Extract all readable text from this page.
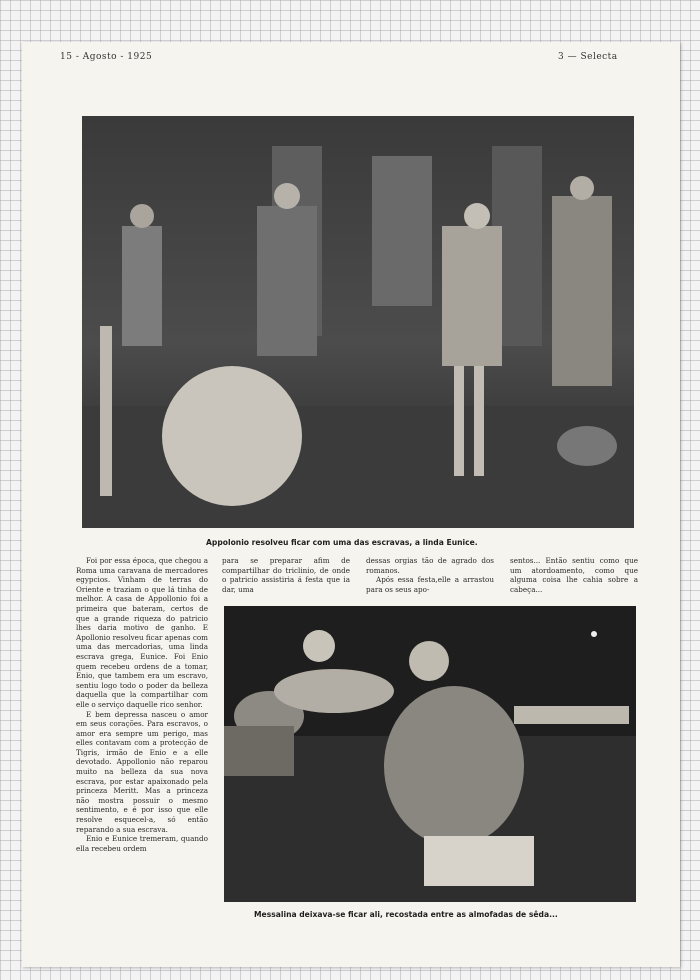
15 - Agosto - 1925	3 — Selecta
Appolonio resolveu ficar com uma das escravas, a linda Eunice.

Foi por essa época, que chegou a Roma uma caravana de mercadores egypcios. Vinham de terras do Oriente e traziam o que lá tinha de melhor. A casa de Appollonio foi a primeira que bateram, certos de que a grande riqueza do patricio lhes daria motivo de ganho. E Apollonio resolveu ficar apenas com uma das mercadorias, uma linda escrava grega, Eunice. Foi Enio quem recebeu ordens de a tomar, Enio, que tambem era um escravo, sentiu logo todo o poder da belleza daquella que la compartilhar com elle o serviço daquelle rico senhor.

E bem depressa nasceu o amor em seus corações. Para escravos, o amor era sempre um perigo, mas elles contavam com a protecção de Tigris, irmão de Enio e a elle devotado. Appollonio não reparou muito na belleza da sua nova escrava, por estar apaixonado pela princeza Meritt. Mas a princeza não mostra possuir o mesmo sentimento, e é por isso que elle resolve esquecel-a, só então reparando a sua escrava.

Enio e Eunice tremeram, quando ella recebeu ordem

para se preparar afim de compartilhar do triclinio, de onde o patricio assistiria á festa que ia dar, uma

dessas orgias tão de agrado dos romanos.

Após essa festa,elle a arrastou para os seus apo-

sentos... Então sentiu como que um atordoamento, como que alguma coisa lhe cahia sobre a cabeça...

Messalina deixava-se ficar ali, recostada entre as almofadas de sêda...
